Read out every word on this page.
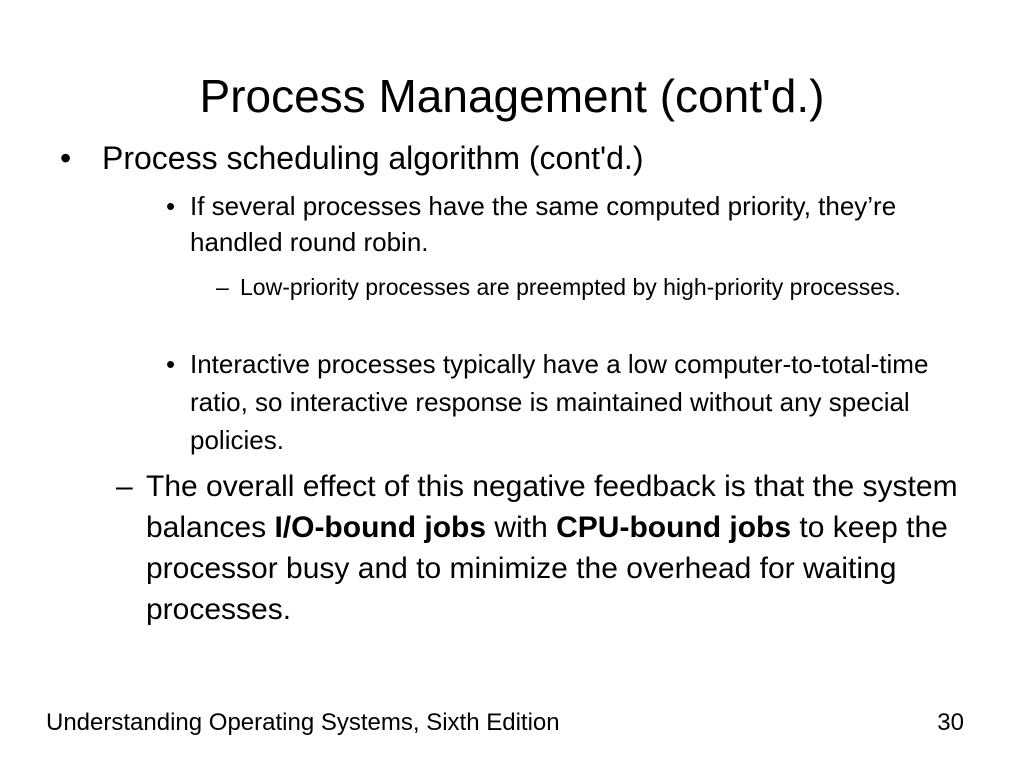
Process Management (cont'd.)
• Process scheduling algorithm (cont'd.)
• If several processes have the same computed priority, they’re handled round robin.
– Low-priority processes are preempted by high-priority processes.
• Interactive processes typically have a low computer-to-total-time ratio, so interactive response is maintained without any special policies.
– The overall effect of this negative feedback is that the system balances I/O-bound jobs with CPU-bound jobs to keep the processor busy and to minimize the overhead for waiting processes.
Understanding Operating Systems, Sixth Edition	30
